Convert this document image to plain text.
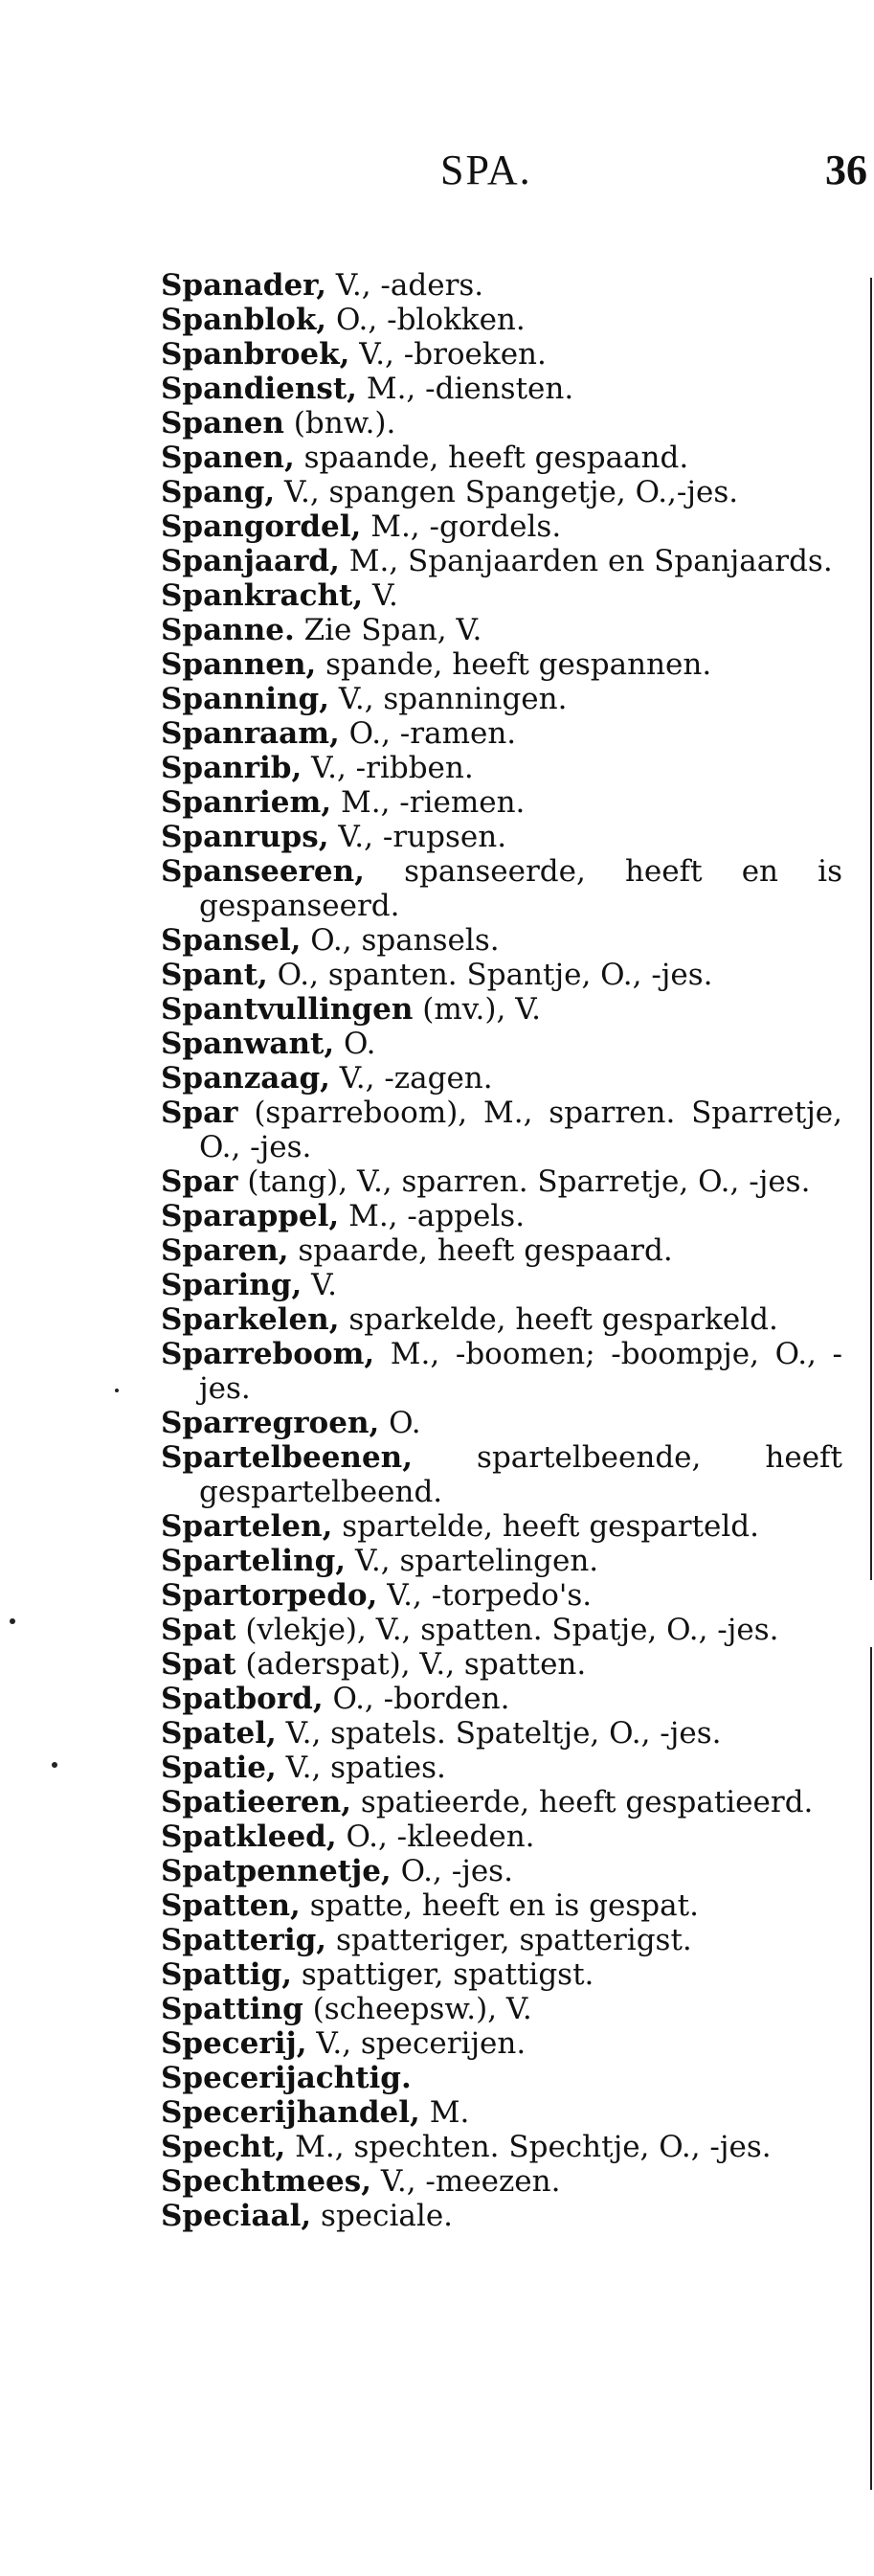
SPA.	36

Spanader, V., -aders.

Spanblok, O., -blokken.

Spanbroek, V., -broeken.

Spandienst, M., -diensten.

Spanen (bnw.).

Spanen, spaande, heeft gespaand.

Spang, V., spangen Spangetje, O.,-jes.

Spangordel, M., -gordels.

Spanjaard, M., Spanjaarden en Spanjaards.

Spankracht, V.

Spanne. Zie Span, V.

Spannen, spande, heeft gespannen.

Spanning, V., spanningen.

Spanraam, O., -ramen.

Spanrib, V., -ribben.

Spanriem, M., -riemen.

Spanrups, V., -rupsen.

Spanseeren, spanseerde, heeft en is gespanseerd.

Spansel, O., spansels.

Spant, O., spanten. Spantje, O., -jes.

Spantvullingen (mv.), V.

Spanwant, O.

Spanzaag, V., -zagen.

Spar (sparreboom), M., sparren. Sparretje, O., -jes.

Spar (tang), V., sparren. Sparretje, O., -jes.

Sparappel, M., -appels.

Sparen, spaarde, heeft gespaard.

Sparing, V.

Sparkelen, sparkelde, heeft gesparkeld.

Sparreboom, M., -boomen; -boompje, O., -jes.

Sparregroen, O.

Spartelbeenen, spartelbeende, heeft gespartelbeend.

Spartelen, spartelde, heeft gesparteld.

Sparteling, V., spartelingen.

Spartorpedo, V., -torpedo's.

Spat (vlekje), V., spatten. Spatje, O., -jes.

Spat (aderspat), V., spatten.

Spatbord, O., -borden.

Spatel, V., spatels. Spateltje, O., -jes.

Spatie, V., spaties.

Spatieeren, spatieerde, heeft gespatieerd.

Spatkleed, O., -kleeden.

Spatpennetje, O., -jes.

Spatten, spatte, heeft en is gespat.

Spatterig, spatteriger, spatterigst.

Spattig, spattiger, spattigst.

Spatting (scheepsw.), V.

Specerij, V., specerijen.

Specerijachtig.

Specerijhandel, M.

Specht, M., spechten. Spechtje, O., -jes.

Spechtmees, V., -meezen.

Speciaal, speciale.
